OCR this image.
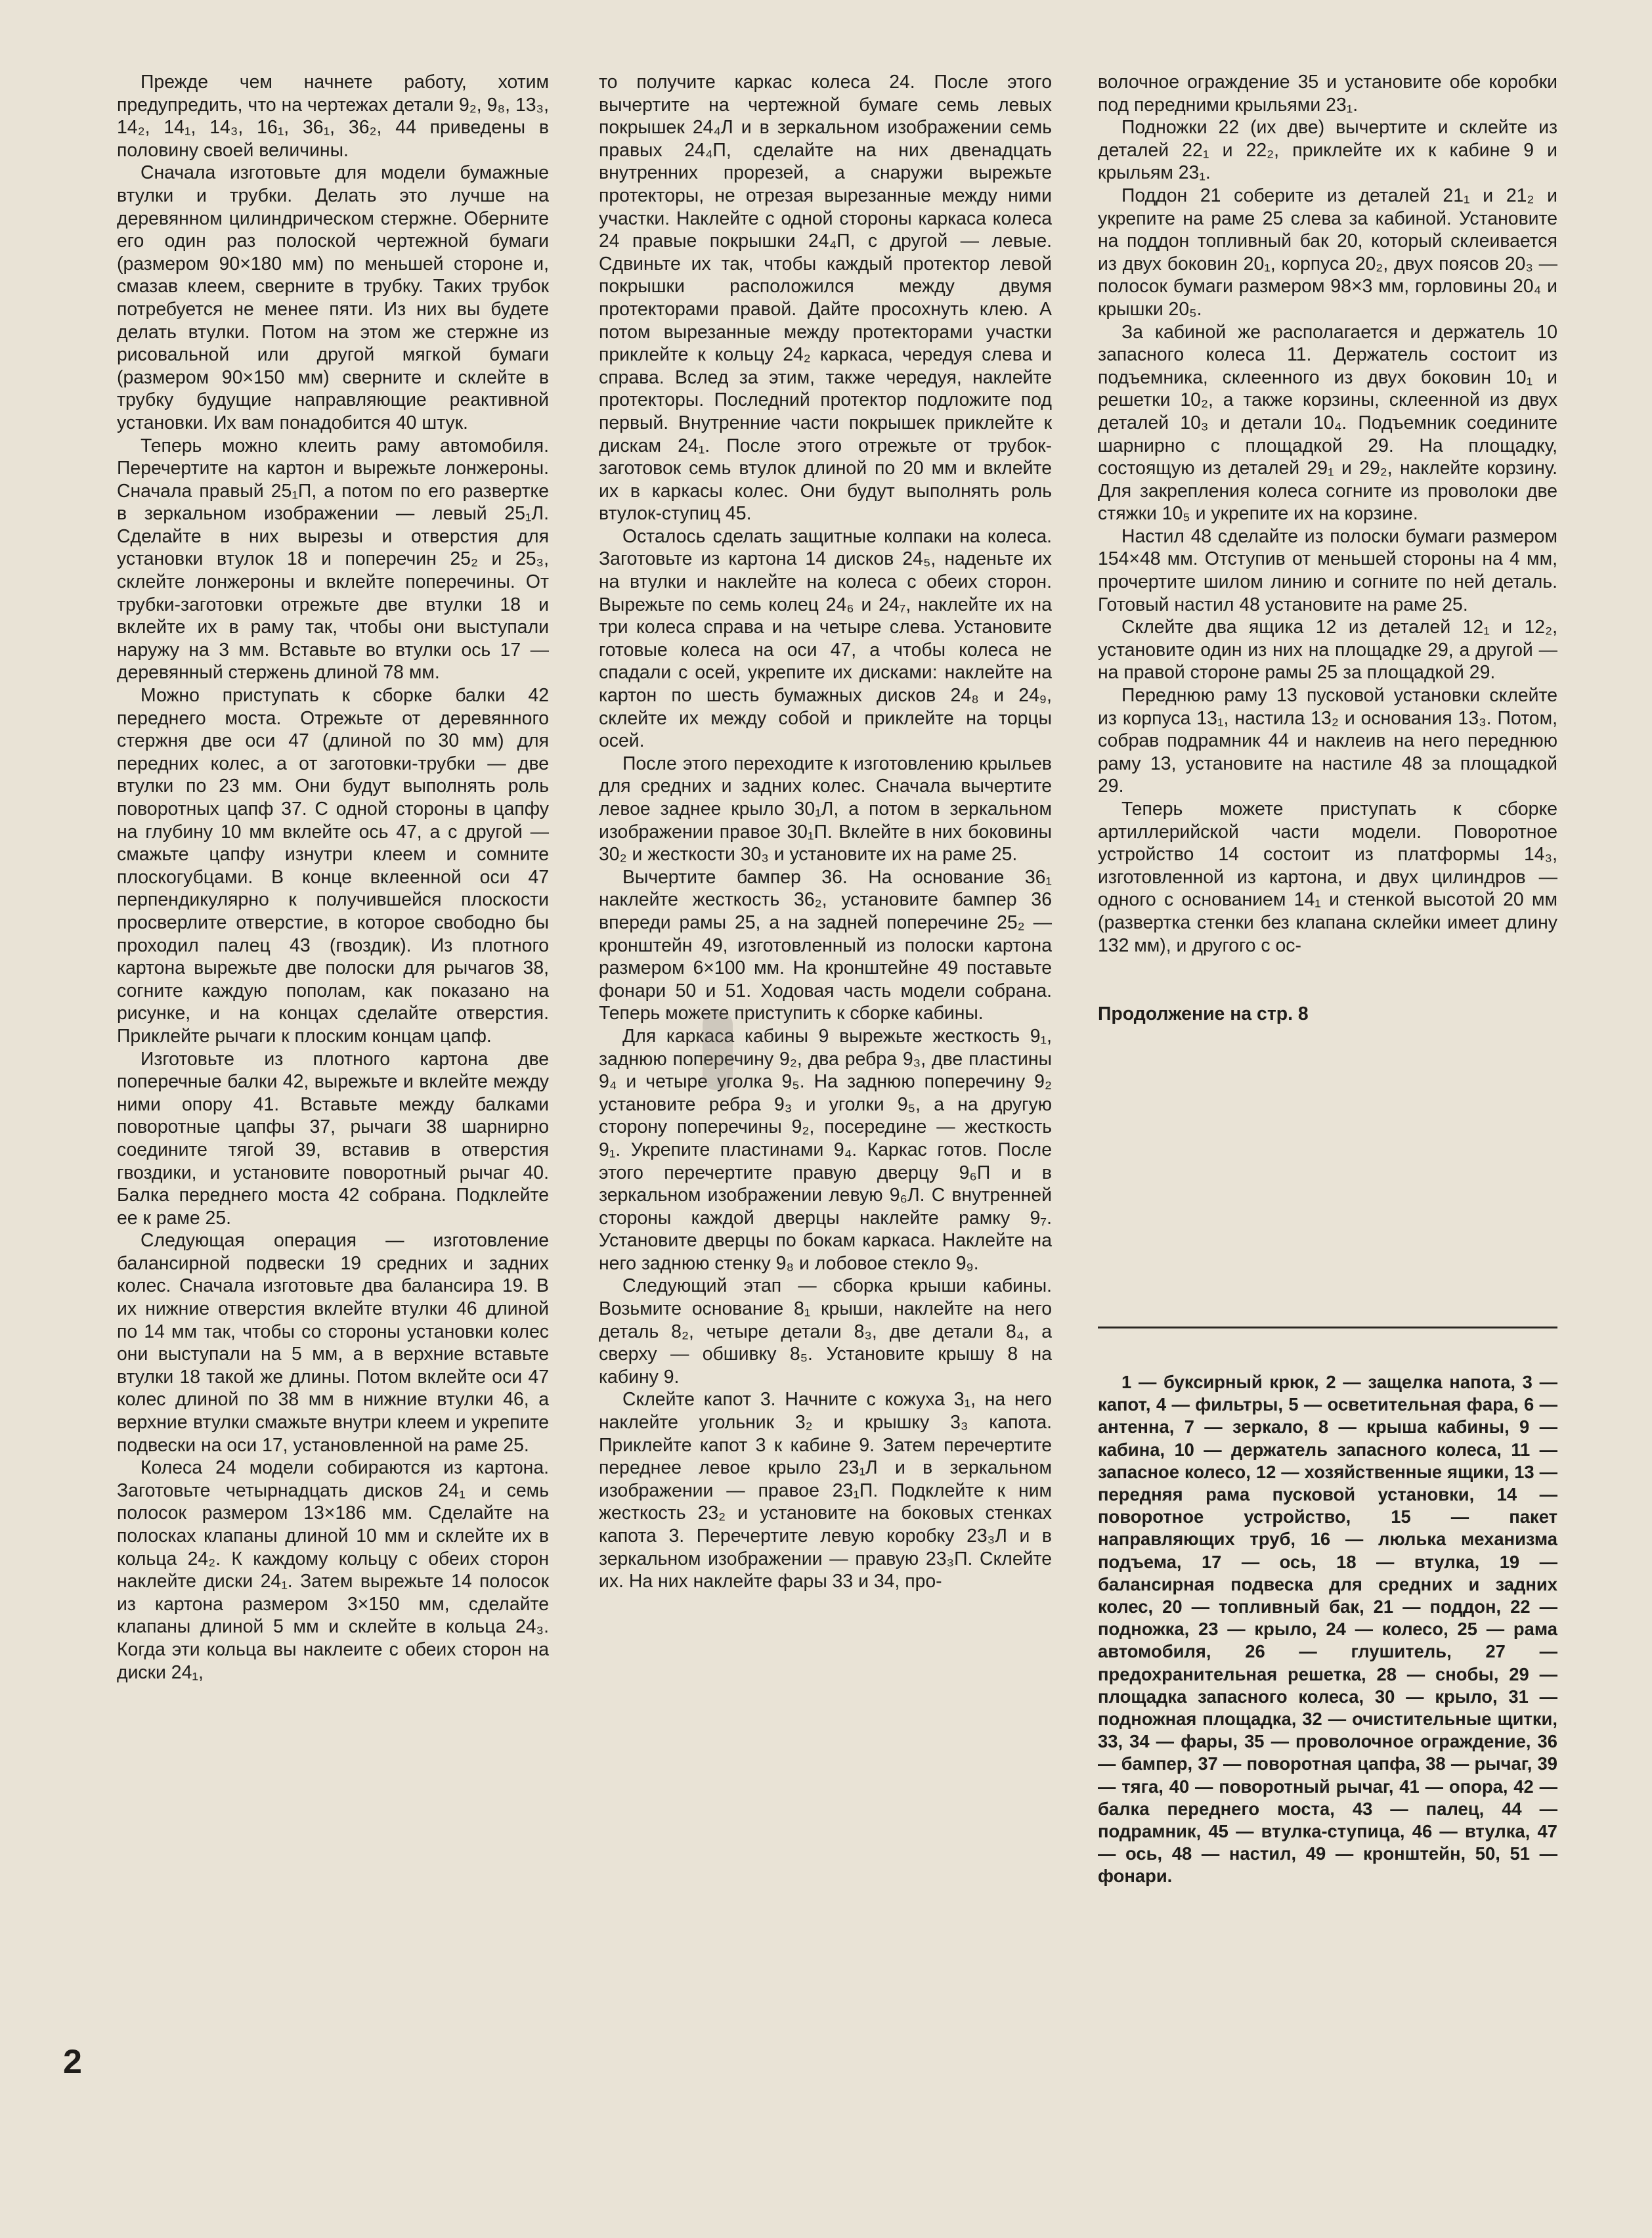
Прежде чем начнете работу, хотим предупредить, что на чертежах детали 9₂, 9₈, 13₃, 14₂, 14₁, 14₃, 16₁, 36₁, 36₂, 44 приведены в половину своей величины.

Сначала изготовьте для модели бумажные втулки и трубки. Делать это лучше на деревянном цилиндрическом стержне. Оберните его один раз полоской чертежной бумаги (размером 90×180 мм) по меньшей стороне и, смазав клеем, сверните в трубку. Таких трубок потребуется не менее пяти. Из них вы будете делать втулки. Потом на этом же стержне из рисовальной или другой мягкой бумаги (размером 90×150 мм) сверните и склейте в трубку будущие направляющие реактивной установки. Их вам понадобится 40 штук.

Теперь можно клеить раму автомобиля. Перечертите на картон и вырежьте лонжероны. Сначала правый 25₁П, а потом по его развертке в зеркальном изображении — левый 25₁Л. Сделайте в них вырезы и отверстия для установки втулок 18 и поперечин 25₂ и 25₃, склейте лонжероны и вклейте поперечины. От трубки-заготовки отрежьте две втулки 18 и вклейте их в раму так, чтобы они выступали наружу на 3 мм. Вставьте во втулки ось 17 — деревянный стержень длиной 78 мм.

Можно приступать к сборке балки 42 переднего моста. Отрежьте от деревянного стержня две оси 47 (длиной по 30 мм) для передних колес, а от заготовки-трубки — две втулки по 23 мм. Они будут выполнять роль поворотных цапф 37. С одной стороны в цапфу на глубину 10 мм вклейте ось 47, а с другой — смажьте цапфу изнутри клеем и сомните плоскогубцами. В конце вклеенной оси 47 перпендикулярно к получившейся плоскости просверлите отверстие, в которое свободно бы проходил палец 43 (гвоздик). Из плотного картона вырежьте две полоски для рычагов 38, согните каждую пополам, как показано на рисунке, и на концах сделайте отверстия. Приклейте рычаги к плоским концам цапф.

Изготовьте из плотного картона две поперечные балки 42, вырежьте и вклейте между ними опору 41. Вставьте между балками поворотные цапфы 37, рычаги 38 шарнирно соедините тягой 39, вставив в отверстия гвоздики, и установите поворотный рычаг 40. Балка переднего моста 42 собрана. Подклейте ее к раме 25.

Следующая операция — изготовление балансирной подвески 19 средних и задних колес. Сначала изготовьте два балансира 19. В их нижние отверстия вклейте втулки 46 длиной по 14 мм так, чтобы со стороны установки колес они выступали на 5 мм, а в верхние вставьте втулки 18 такой же длины. Потом вклейте оси 47 колес длиной по 38 мм в нижние втулки 46, а верхние втулки смажьте внутри клеем и укрепите подвески на оси 17, установленной на раме 25.

Колеса 24 модели собираются из картона. Заготовьте четырнадцать дисков 24₁ и семь полосок размером 13×186 мм. Сделайте на полосках клапаны длиной 10 мм и склейте их в кольца 24₂. К каждому кольцу с обеих сторон наклейте диски 24₁. Затем вырежьте 14 полосок из картона размером 3×150 мм, сделайте клапаны длиной 5 мм и склейте в кольца 24₃. Когда эти кольца вы наклеите с обеих сторон на диски 24₁,

то получите каркас колеса 24. После этого вычертите на чертежной бумаге семь левых покрышек 24₄Л и в зеркальном изображении семь правых 24₄П, сделайте на них двенадцать внутренних прорезей, а снаружи вырежьте протекторы, не отрезая вырезанные между ними участки. Наклейте с одной стороны каркаса колеса 24 правые покрышки 24₄П, с другой — левые. Сдвиньте их так, чтобы каждый протектор левой покрышки расположился между двумя протекторами правой. Дайте просохнуть клею. А потом вырезанные между протекторами участки приклейте к кольцу 24₂ каркаса, чередуя слева и справа. Вслед за этим, также чередуя, наклейте протекторы. Последний протектор подложите под первый. Внутренние части покрышек приклейте к дискам 24₁. После этого отрежьте от трубок-заготовок семь втулок длиной по 20 мм и вклейте их в каркасы колес. Они будут выполнять роль втулок-ступиц 45.

Осталось сделать защитные колпаки на колеса. Заготовьте из картона 14 дисков 24₅, наденьте их на втулки и наклейте на колеса с обеих сторон. Вырежьте по семь колец 24₆ и 24₇, наклейте их на три колеса справа и на четыре слева. Установите готовые колеса на оси 47, а чтобы колеса не спадали с осей, укрепите их дисками: наклейте на картон по шесть бумажных дисков 24₈ и 24₉, склейте их между собой и приклейте на торцы осей.

После этого переходите к изготовлению крыльев для средних и задних колес. Сначала вычертите левое заднее крыло 30₁Л, а потом в зеркальном изображении правое 30₁П. Вклейте в них боковины 30₂ и жесткости 30₃ и установите их на раме 25.

Вычертите бампер 36. На основание 36₁ наклейте жесткость 36₂, установите бампер 36 впереди рамы 25, а на задней поперечине 25₂ — кронштейн 49, изготовленный из полоски картона размером 6×100 мм. На кронштейне 49 поставьте фонари 50 и 51. Ходовая часть модели собрана. Теперь можете приступить к сборке кабины.

Для каркаса кабины 9 вырежьте жесткость 9₁, заднюю поперечину 9₂, два ребра 9₃, две пластины 9₄ и четыре уголка 9₅. На заднюю поперечину 9₂ установите ребра 9₃ и уголки 9₅, а на другую сторону поперечины 9₂, посередине — жесткость 9₁. Укрепите пластинами 9₄. Каркас готов. После этого перечертите правую дверцу 9₆П и в зеркальном изображении левую 9₆Л. С внутренней стороны каждой дверцы наклейте рамку 9₇. Установите дверцы по бокам каркаса. Наклейте на него заднюю стенку 9₈ и лобовое стекло 9₉.

Следующий этап — сборка крыши кабины. Возьмите основание 8₁ крыши, наклейте на него деталь 8₂, четыре детали 8₃, две детали 8₄, а сверху — обшивку 8₅. Установите крышу 8 на кабину 9.

Склейте капот 3. Начните с кожуха 3₁, на него наклейте угольник 3₂ и крышку 3₃ капота. Приклейте капот 3 к кабине 9. Затем перечертите переднее левое крыло 23₁Л и в зеркальном изображении — правое 23₁П. Подклейте к ним жесткость 23₂ и установите на боковых стенках капота 3. Перечертите левую коробку 23₃Л и в зеркальном изображении — правую 23₃П. Склейте их. На них наклейте фары 33 и 34, про-

волочное ограждение 35 и установите обе коробки под передними крыльями 23₁.

Подножки 22 (их две) вычертите и склейте из деталей 22₁ и 22₂, приклейте их к кабине 9 и крыльям 23₁.

Поддон 21 соберите из деталей 21₁ и 21₂ и укрепите на раме 25 слева за кабиной. Установите на поддон топливный бак 20, который склеивается из двух боковин 20₁, корпуса 20₂, двух поясов 20₃ — полосок бумаги размером 98×3 мм, горловины 20₄ и крышки 20₅.

За кабиной же располагается и держатель 10 запасного колеса 11. Держатель состоит из подъемника, склеенного из двух боковин 10₁ и решетки 10₂, а также корзины, склеенной из двух деталей 10₃ и детали 10₄. Подъемник соедините шарнирно с площадкой 29. На площадку, состоящую из деталей 29₁ и 29₂, наклейте корзину. Для закрепления колеса согните из проволоки две стяжки 10₅ и укрепите их на корзине.

Настил 48 сделайте из полоски бумаги размером 154×48 мм. Отступив от меньшей стороны на 4 мм, прочертите шилом линию и согните по ней деталь. Готовый настил 48 установите на раме 25.

Склейте два ящика 12 из деталей 12₁ и 12₂, установите один из них на площадке 29, а другой — на правой стороне рамы 25 за площадкой 29.

Переднюю раму 13 пусковой установки склейте из корпуса 13₁, настила 13₂ и основания 13₃. Потом, собрав подрамник 44 и наклеив на него переднюю раму 13, установите на настиле 48 за площадкой 29.

Теперь можете приступать к сборке артиллерийской части модели. Поворотное устройство 14 состоит из платформы 14₃, изготовленной из картона, и двух цилиндров — одного с основанием 14₁ и стенкой высотой 20 мм (развертка стенки без клапана склейки имеет длину 132 мм), и другого с ос-

Продолжение на стр. 8

1 — буксирный крюк, 2 — защелка напота, 3 — капот, 4 — фильтры, 5 — осветительная фара, 6 — антенна, 7 — зеркало, 8 — крыша кабины, 9 — кабина, 10 — держатель запасного колеса, 11 — запасное колесо, 12 — хозяйственные ящики, 13 — передняя рама пусковой установки, 14 — поворотное устройство, 15 — пакет направляющих труб, 16 — люлька механизма подъема, 17 — ось, 18 — втулка, 19 — балансирная подвеска для средних и задних колес, 20 — топливный бак, 21 — поддон, 22 — подножка, 23 — крыло, 24 — колесо, 25 — рама автомобиля, 26 — глушитель, 27 — предохранительная решетка, 28 — снобы, 29 — площадка запасного колеса, 30 — крыло, 31 — подножная площадка, 32 — очистительные щитки, 33, 34 — фары, 35 — проволочное ограждение, 36 — бампер, 37 — поворотная цапфа, 38 — рычаг, 39 — тяга, 40 — поворотный рычаг, 41 — опора, 42 — балка переднего моста, 43 — палец, 44 — подрамник, 45 — втулка-ступица, 46 — втулка, 47 — ось, 48 — настил, 49 — кронштейн, 50, 51 — фонари.

2
